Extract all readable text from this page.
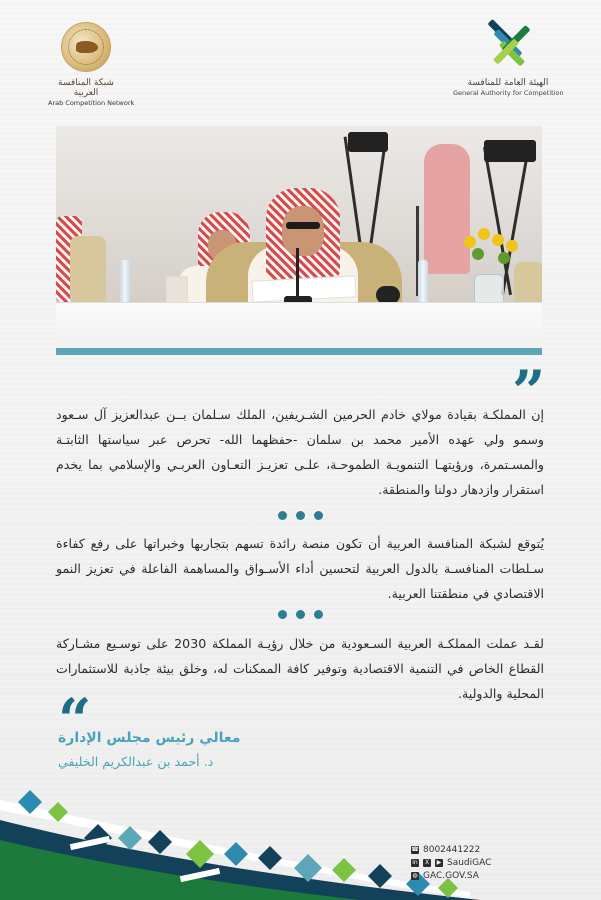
شبكة المنافسة العربية
Arab Competition Network
الهيئة العامة للمنافسة
General Authority for Competition
”
إن المملكـة بقيادة مولاي خادم الحرمين الشـريفين، الملك سـلمان بــن عبدالعزيز آل سـعود وسمو ولي عهده الأمير محمد بن سلمان -حفظهما الله- تحرص عبر سياستها الثابتـة والمسـتمرة، ورؤيتهـا التنمويـة الطموحـة، علـى تعزيـز التعـاون العربـي والإسلامي بما يخدم استقرار وازدهار دولنا والمنطقة.
يُتوقع لشبكة المنافسة العربية أن تكون منصة رائدة تسهم بتجاربها وخبراتها على رفع كفاءة سـلطات المنافسـة بالدول العربية لتحسين أداء الأسـواق والمساهمة الفاعلة في تعزيز النمو الاقتصادي في منطقتنا العربية.
لقـد عملت المملكـة العربية السـعودية من خلال رؤيـة المملكة 2030 على توسـيع مشـاركة القطاع الخاص في التنمية الاقتصادية وتوفير كافة الممكنات له، وخلق بيئة جاذبة للاستثمارات المحلية والدولية.
“
معالي رئيس مجلس الإدارة
د. أحمد بن عبدالكريم الخليفي
☎ 8002441222
in	X	▶ SaudiGAC
◍ GAC.GOV.SA
